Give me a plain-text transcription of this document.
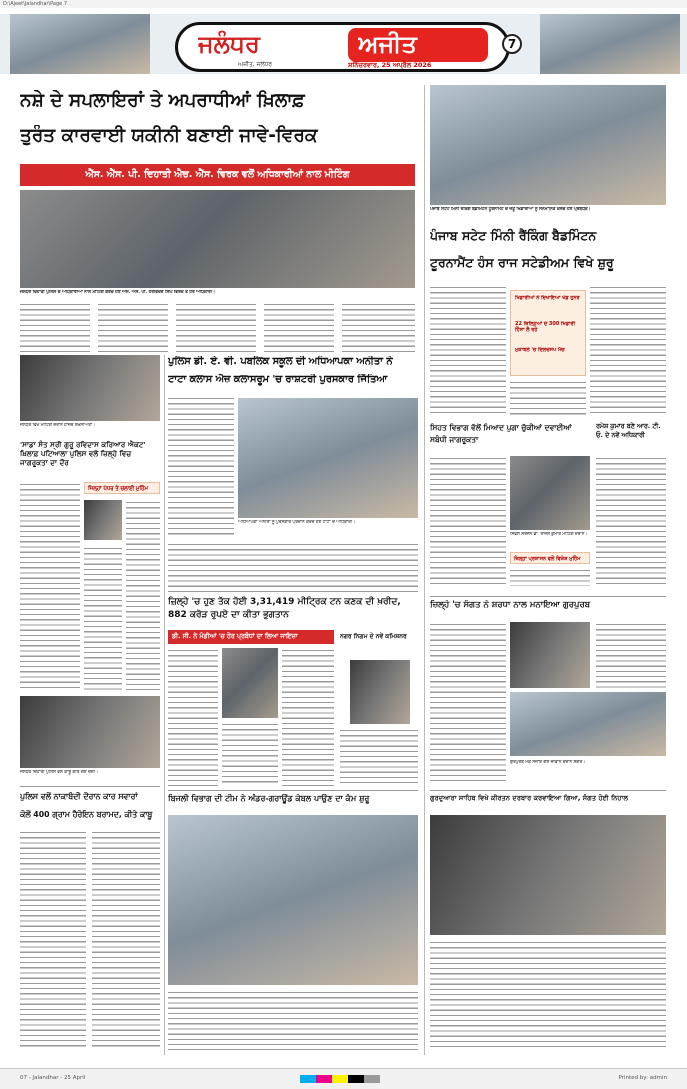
D:\Ajeet\Jalandhar\Page 7
ਜਲੰਧਰ	ਅਜੀਤ
ਅਜੀਤ, ਜਲੰਧਰ	ਸ਼ਨਿੱਚਰਵਾਰ, 25 ਅਪ੍ਰੈਲ 2026
7
ਨਸ਼ੇ ਦੇ ਸਪਲਾਇਰਾਂ ਤੇ ਅਪਰਾਧੀਆਂ ਖ਼ਿਲਾਫ਼
ਤੁਰੰਤ ਕਾਰਵਾਈ ਯਕੀਨੀ ਬਣਾਈ ਜਾਵੇ-ਵਿਰਕ
ਐੱਸ. ਐੱਸ. ਪੀ. ਦਿਹਾਤੀ ਐਚ. ਐੱਸ. ਵਿਰਕ ਵਲੋਂ ਅਧਿਕਾਰੀਆਂ ਨਾਲ ਮੀਟਿੰਗ
ਜਲੰਧਰ ਦਿਹਾਤੀ ਪੁਲਿਸ ਦੇ ਅਧਿਕਾਰੀਆਂ ਨਾਲ ਮੀਟਿੰਗ ਕਰਦੇ ਹੋਏ ਐੱਸ. ਐੱਸ. ਪੀ. ਹਰਵਿੰਦਰ ਸਿੰਘ ਵਿਰਕ ਤੇ ਹੋਰ ਅਧਿਕਾਰੀ।
ਪੰਜਾਬ ਸਟੇਟ ਮਿੰਨੀ ਰੈਂਕਿੰਗ ਬੈਡਮਿੰਟਨ ਟੂਰਨਾਮੈਂਟ ਦੇ ਜੇਤੂ ਖਿਡਾਰੀਆਂ ਨੂੰ ਸਨਮਾਨਿਤ ਕਰਦੇ ਹੋਏ ਪ੍ਰਬੰਧਕ।
ਪੰਜਾਬ ਸਟੇਟ ਮਿੰਨੀ ਰੈਂਕਿੰਗ ਬੈਡਮਿੰਟਨ
ਟੂਰਨਾਮੈਂਟ ਹੰਸ ਰਾਜ ਸਟੇਡੀਅਮ ਵਿਖੇ ਸ਼ੁਰੂ
ਖਿਡਾਰੀਆਂ ਨੇ ਦਿਖਾਇਆ ਖੇਡ ਹੁਨਰ
22 ਜ਼ਿਲ੍ਹਿਆਂ ਦੇ 300 ਖਿਡਾਰੀ ਹਿੱਸਾ ਲੈ ਰਹੇ
ਮੁਕਾਬਲੇ 'ਚ ਦਿਲਚਸਪ ਮੈਚ
ਜਲੰਧਰ ਵਿਖੇ ਮੀਟਿੰਗ ਦੌਰਾਨ ਹਾਜ਼ਰ ਸ਼ਖ਼ਸੀਅਤਾਂ।
'ਸਾਡਾ ਸੰਤ ਸ੍ਰੀ ਗੁਰੂ ਰਵਿਦਾਸ ਕਰਿਆਰ ਐਕਟ' ਖ਼ਿਲਾਫ਼ ਪਟਿਆਲਾ ਪੁਲਿਸ ਵਲੋਂ ਜ਼ਿਲ੍ਹੇ ਵਿਚ ਜਾਗਰੂਕਤਾ ਦਾ ਦੌਰ
ਜਿਲ੍ਹਾਂ ਪੱਧਰ ਤੇ ਚਲਾਈ ਮੁਹਿੰਮ
ਜਲੰਧਰ ਦਿਹਾਤੀ ਪੁਲਿਸ ਵਲੋਂ ਕਾਬੂ ਕੀਤੇ ਗਏ ਦੋਸ਼ੀ।
ਪੁਲਿਸ ਡੀ. ਏ. ਵੀ. ਪਬਲਿਕ ਸਕੂਲ ਦੀ ਅਧਿਆਪਕਾ ਅਨੀਤਾ ਨੇ
ਟਾਟਾ ਕਲਾਸ ਐਜ਼ ਕਲਾਸਰੂਮ 'ਚ ਰਾਸ਼ਟਰੀ ਪੁਰਸਕਾਰ ਜਿੱਤਿਆ
ਅਧਿਆਪਕਾ ਅਨੀਤਾ ਨੂੰ ਪੁਰਸਕਾਰ ਪ੍ਰਦਾਨ ਕਰਦੇ ਹੋਏ ਟਾਟਾ ਦੇ ਅਧਿਕਾਰੀ।
ਜ਼ਿਲ੍ਹੇ 'ਚ ਹੁਣ ਤੱਕ ਹੋਈ 3,31,419 ਮੀਟ੍ਰਿਕ ਟਨ ਕਣਕ ਦੀ ਖ਼ਰੀਦ, 882 ਕਰੋੜ ਰੁਪਏ ਦਾ ਕੀਤਾ ਭੁਗਤਾਨ
ਡੀ. ਸੀ. ਨੇ ਮੰਡੀਆਂ 'ਚ ਹੋਰ ਪ੍ਰਬੰਧਾਂ ਦਾ ਲਿਆ ਜਾਇਜ਼ਾ	ਨਗਰ ਨਿਗਮ ਦੇ ਨਵੇਂ ਕਮਿਸ਼ਨਰ
ਬਿਜਲੀ ਵਿਭਾਗ ਦੀ ਟੀਮ ਨੇ ਅੰਡਰ-ਗਰਾਊਂਡ ਕੇਬਲ ਪਾਉਣ ਦਾ ਕੰਮ ਸ਼ੁਰੂ
ਪੁਲਿਸ ਵਲੋਂ ਨਾਕਾਬੰਦੀ ਦੌਰਾਨ ਕਾਰ ਸਵਾਰਾਂ
ਕੋਲੋਂ 400 ਗ੍ਰਾਮ ਹੈਰੋਇਨ ਬਰਾਮਦ, ਕੀਤੇ ਕਾਬੂ
ਸਿਹਤ ਵਿਭਾਗ ਵੱਲੋਂ ਮਿਆਦ ਪੁਗਾ ਚੁੱਕੀਆਂ ਦਵਾਈਆਂ ਸਬੰਧੀ ਜਾਗਰੂਕਤਾ
ਸਿਵਲ ਸਰਜਨ ਡਾ. ਰਾਜੇਸ਼ ਕੁਮਾਰ ਮੀਟਿੰਗ ਦੌਰਾਨ।
ਜ਼ਿਲ੍ਹਾ ਪ੍ਰਸ਼ਾਸਨ ਵਲੋਂ ਵਿਸ਼ੇਸ਼ ਮੁਹਿੰਮ
ਰਮੇਸ਼ ਕੁਮਾਰ ਬਣੇ ਆਰ. ਟੀ. ਓ. ਦੇ ਨਵੇਂ ਅਧਿਕਾਰੀ
ਜ਼ਿਲ੍ਹੇ 'ਚ ਸੰਗਤ ਨੇ ਸ਼ਰਧਾ ਨਾਲ ਮਨਾਇਆ ਗੁਰਪੁਰਬ
ਗੁਰਪੁਰਬ ਮੌਕੇ ਸਜਾਏ ਗਏ ਦੀਵਾਨ ਦੌਰਾਨ ਸੰਗਤ।
ਗੁਰਦੁਆਰਾ ਸਾਹਿਬ ਵਿਖੇ ਕੀਰਤਨ ਦਰਬਾਰ ਕਰਵਾਇਆ ਗਿਆ, ਸੰਗਤ ਹੋਈ ਨਿਹਾਲ
07 - Jalandhar - 25 April	Printed by: admin
